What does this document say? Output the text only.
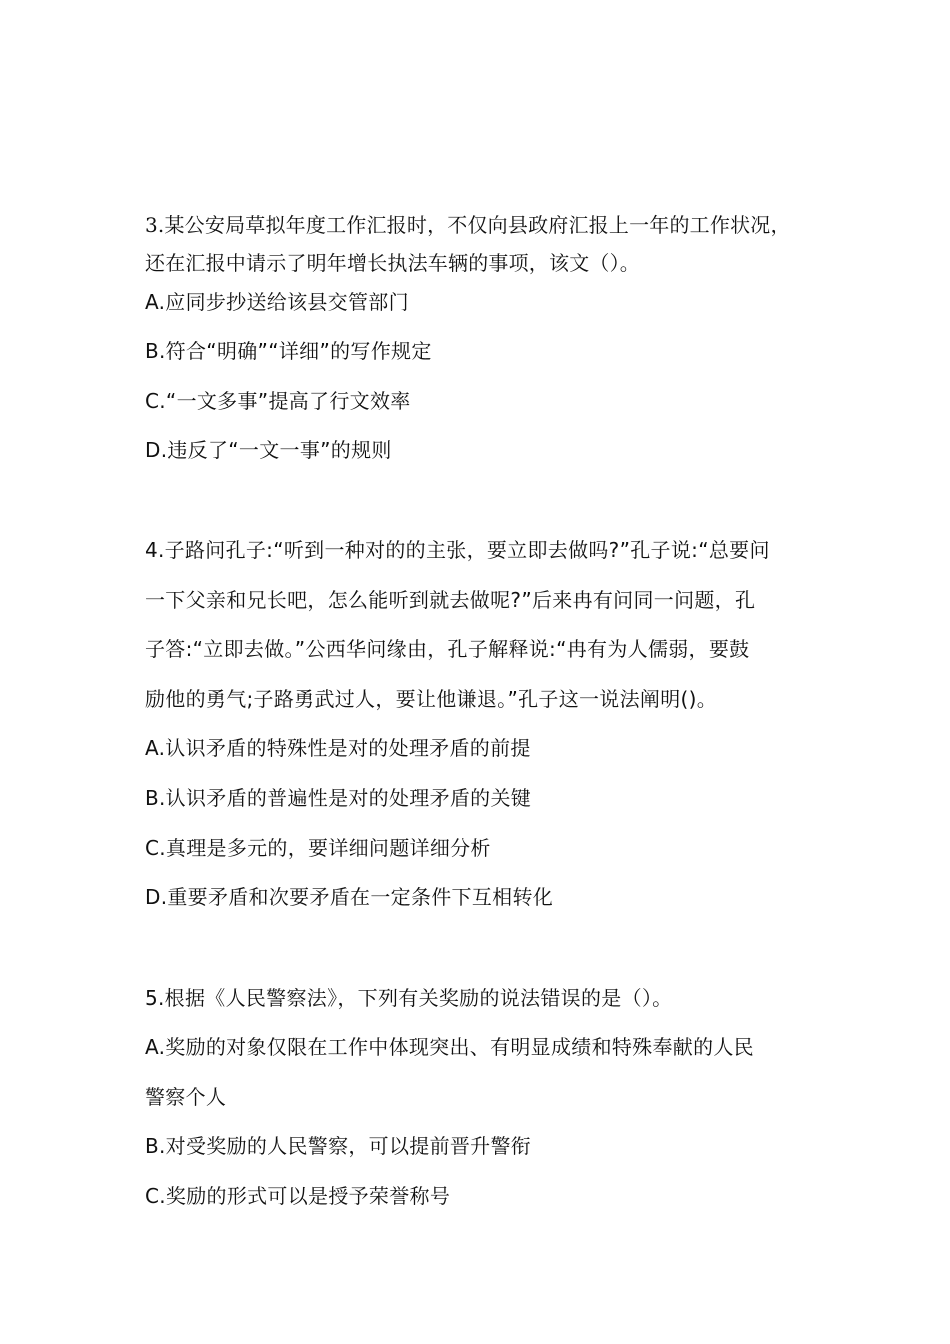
3.某公安局草拟年度工作汇报时，不仅向县政府汇报上一年的工作状况，
还在汇报中请示了明年增长执法车辆的事项，该文（）。
A.应同步抄送给该县交管部门
B.符合“明确”“详细”的写作规定
C.“一文多事”提高了行文效率
D.违反了“一文一事”的规则
4.子路问孔子:“听到一种对的的主张，要立即去做吗?”孔子说:“总要问
一下父亲和兄长吧，怎么能听到就去做呢?”后来冉有问同一问题，孔
子答:“立即去做。”公西华问缘由，孔子解释说:“冉有为人儒弱，要鼓
励他的勇气;子路勇武过人，要让他谦退。”孔子这一说法阐明()。
A.认识矛盾的特殊性是对的处理矛盾的前提
B.认识矛盾的普遍性是对的处理矛盾的关键
C.真理是多元的，要详细问题详细分析
D.重要矛盾和次要矛盾在一定条件下互相转化
5.根据《人民警察法》，下列有关奖励的说法错误的是（）。
A.奖励的对象仅限在工作中体现突出、有明显成绩和特殊奉献的人民
警察个人
B.对受奖励的人民警察，可以提前晋升警衔
C.奖励的形式可以是授予荣誉称号
